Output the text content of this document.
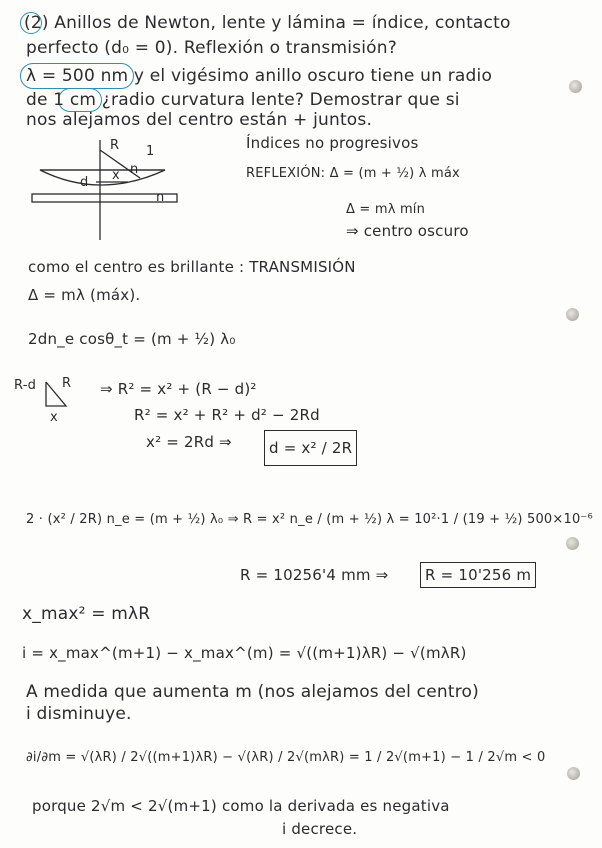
(2) Anillos de Newton, lente y lámina = índice, contacto
perfecto (d₀ = 0). Reflexión o transmisión?
λ = 500 nm y el vigésimo anillo oscuro tiene un radio
de 1 cm ¿radio curvatura lente? Demostrar que si
nos alejamos del centro están + juntos.
R 1
d x n
n
Índices no progresivos
REFLEXIÓN: Δ = (m + ½) λ máx
Δ = mλ mín
⇒ centro oscuro
como el centro es brillante : TRANSMISIÓN
Δ = mλ (máx).
2dn_e cosθ_t = (m + ½) λ₀
R-d R
x
⇒ R² = x² + (R − d)²
R² = x² + R² + d² − 2Rd
x² = 2Rd ⇒	d = x² / 2R
2 · (x² / 2R) n_e = (m + ½) λ₀ ⇒ R = x² n_e / (m + ½) λ = 10²·1 / (19 + ½) 500×10⁻⁶
R = 10256'4 mm ⇒	R = 10'256 m
x_max² = mλR
i = x_max^(m+1) − x_max^(m) = √((m+1)λR) − √(mλR)
A medida que aumenta m (nos alejamos del centro)
i disminuye.
∂i/∂m = √(λR) / 2√((m+1)λR) − √(λR) / 2√(mλR) = 1 / 2√(m+1) − 1 / 2√m < 0
porque 2√m < 2√(m+1) como la derivada es negativa
i decrece.
